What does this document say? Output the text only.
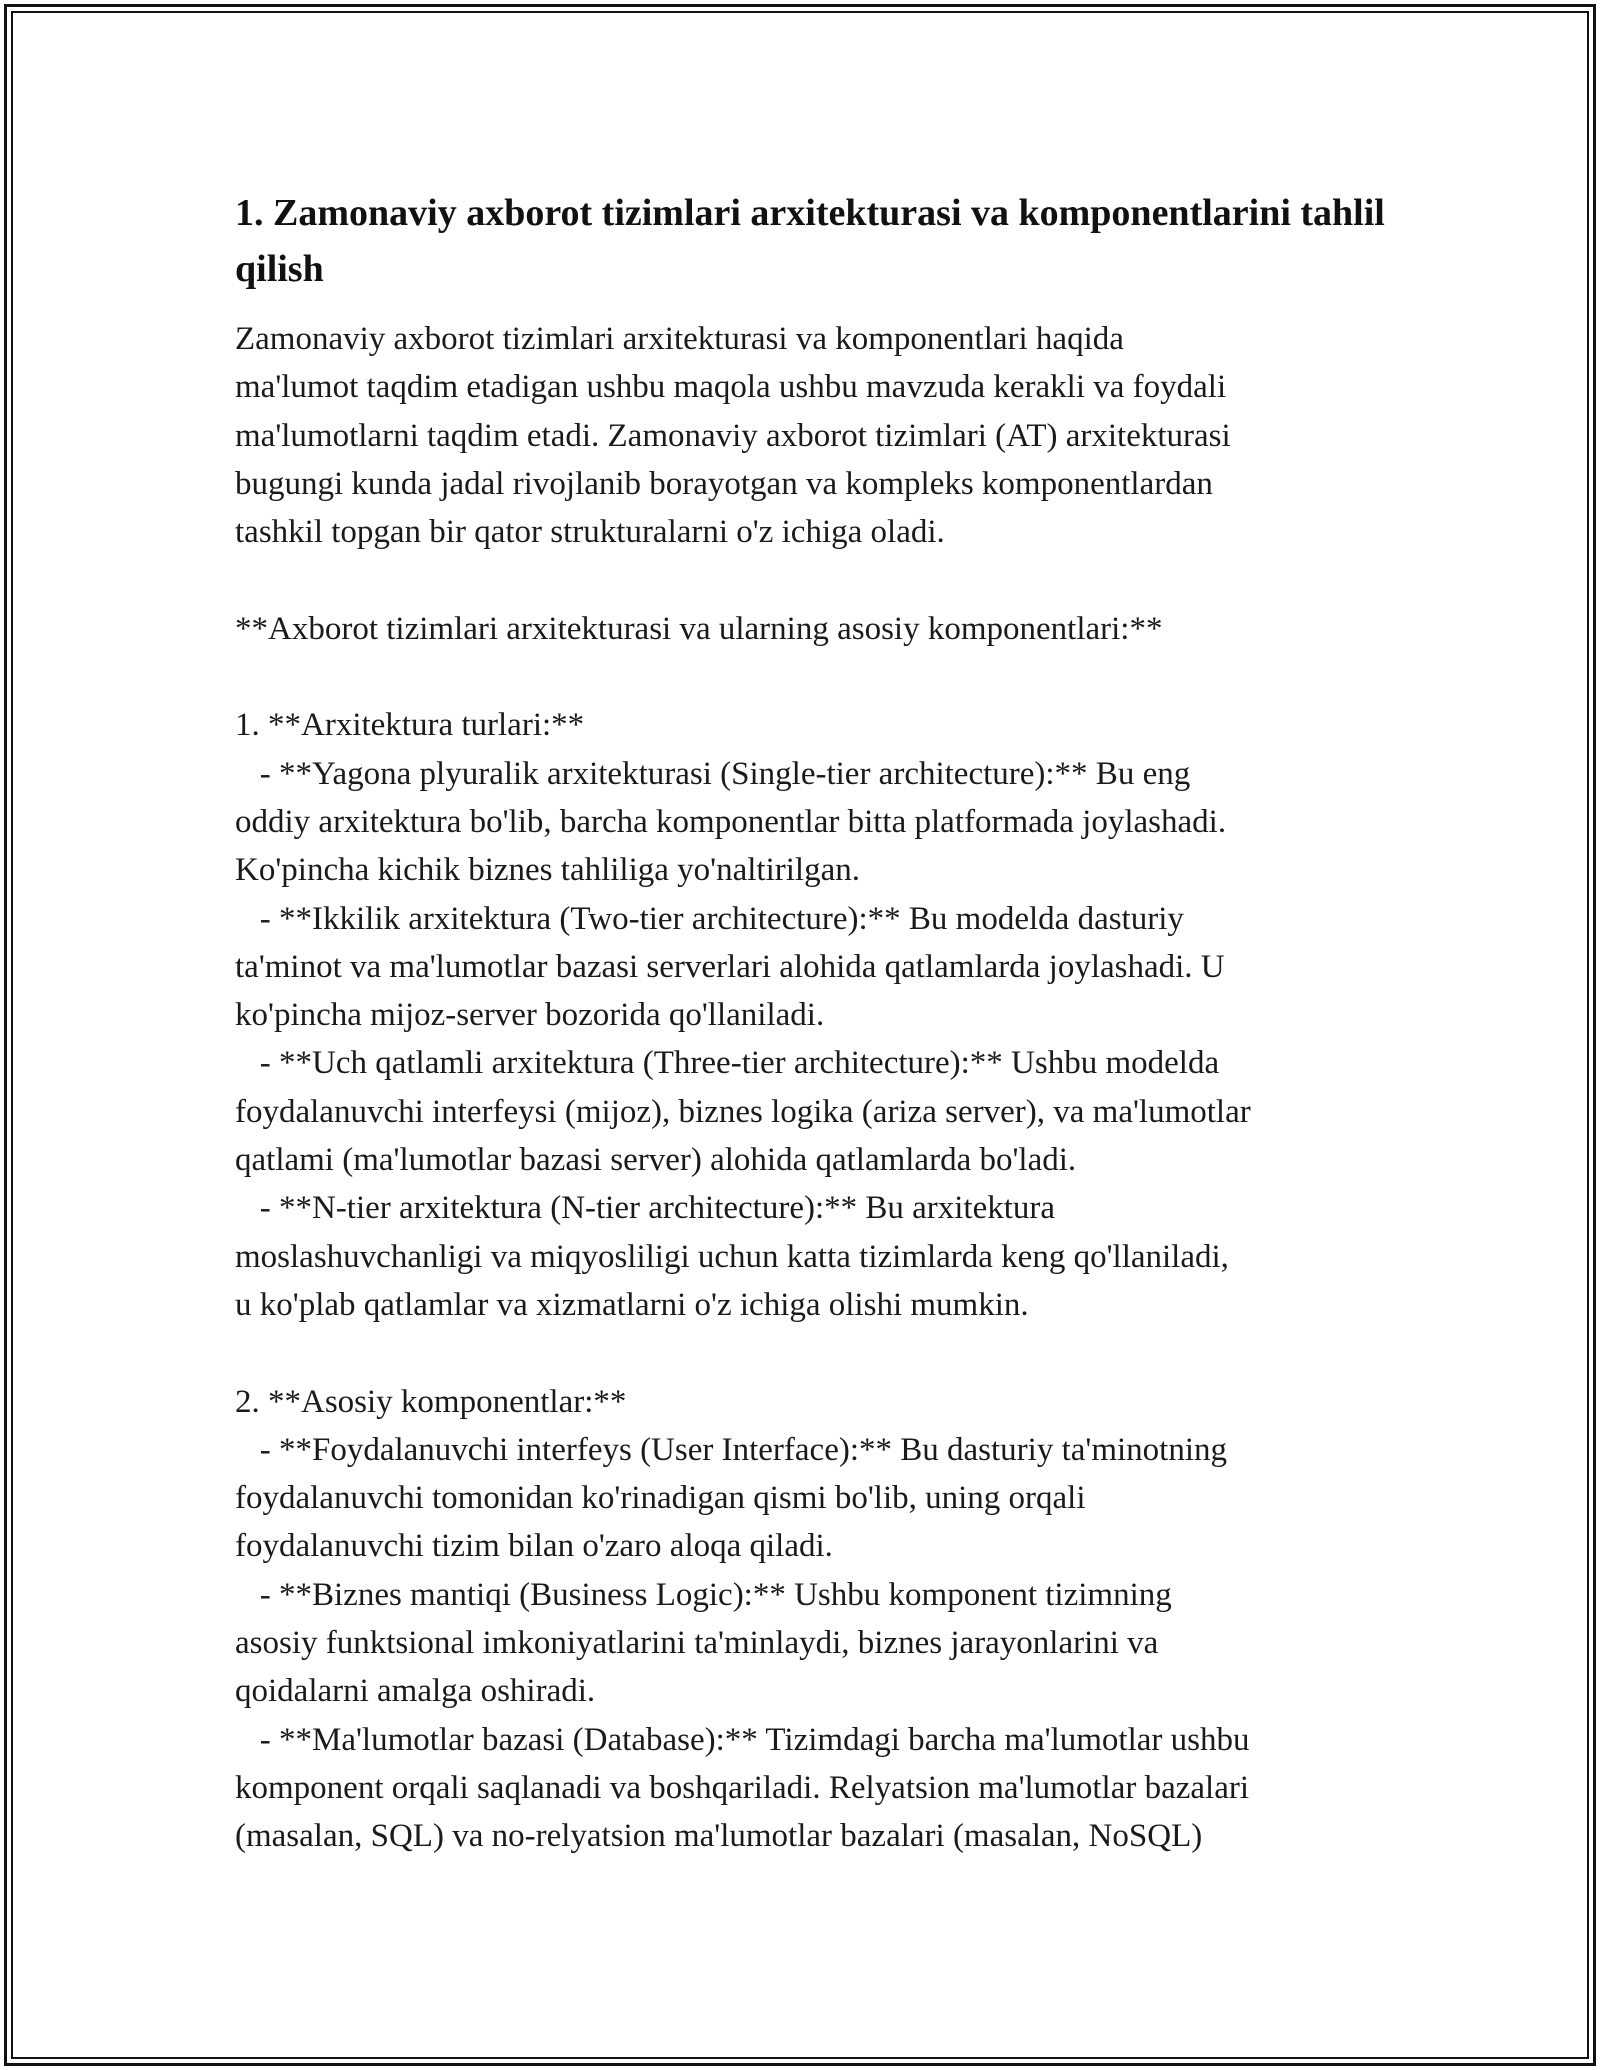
1. Zamonaviy axborot tizimlari arxitekturasi va komponentlarini tahlil qilish
Zamonaviy axborot tizimlari arxitekturasi va komponentlari haqida
ma'lumot taqdim etadigan ushbu maqola ushbu mavzuda kerakli va foydali
ma'lumotlarni taqdim etadi. Zamonaviy axborot tizimlari (AT) arxitekturasi
bugungi kunda jadal rivojlanib borayotgan va kompleks komponentlardan
tashkil topgan bir qator strukturalarni o'z ichiga oladi.

**Axborot tizimlari arxitekturasi va ularning asosiy komponentlari:**

1. **Arxitektura turlari:**
- **Yagona plyuralik arxitekturasi (Single-tier architecture):** Bu eng
oddiy arxitektura bo'lib, barcha komponentlar bitta platformada joylashadi.
Ko'pincha kichik biznes tahliliga yo'naltirilgan.
- **Ikkilik arxitektura (Two-tier architecture):** Bu modelda dasturiy
ta'minot va ma'lumotlar bazasi serverlari alohida qatlamlarda joylashadi. U
ko'pincha mijoz-server bozorida qo'llaniladi.
- **Uch qatlamli arxitektura (Three-tier architecture):** Ushbu modelda
foydalanuvchi interfeysi (mijoz), biznes logika (ariza server), va ma'lumotlar
qatlami (ma'lumotlar bazasi server) alohida qatlamlarda bo'ladi.
- **N-tier arxitektura (N-tier architecture):** Bu arxitektura
moslashuvchanligi va miqyosliligi uchun katta tizimlarda keng qo'llaniladi,
u ko'plab qatlamlar va xizmatlarni o'z ichiga olishi mumkin.

2. **Asosiy komponentlar:**
- **Foydalanuvchi interfeys (User Interface):** Bu dasturiy ta'minotning
foydalanuvchi tomonidan ko'rinadigan qismi bo'lib, uning orqali
foydalanuvchi tizim bilan o'zaro aloqa qiladi.
- **Biznes mantiqi (Business Logic):** Ushbu komponent tizimning
asosiy funktsional imkoniyatlarini ta'minlaydi, biznes jarayonlarini va
qoidalarni amalga oshiradi.
- **Ma'lumotlar bazasi (Database):** Tizimdagi barcha ma'lumotlar ushbu
komponent orqali saqlanadi va boshqariladi. Relyatsion ma'lumotlar bazalari
(masalan, SQL) va no-relyatsion ma'lumotlar bazalari (masalan, NoSQL)
